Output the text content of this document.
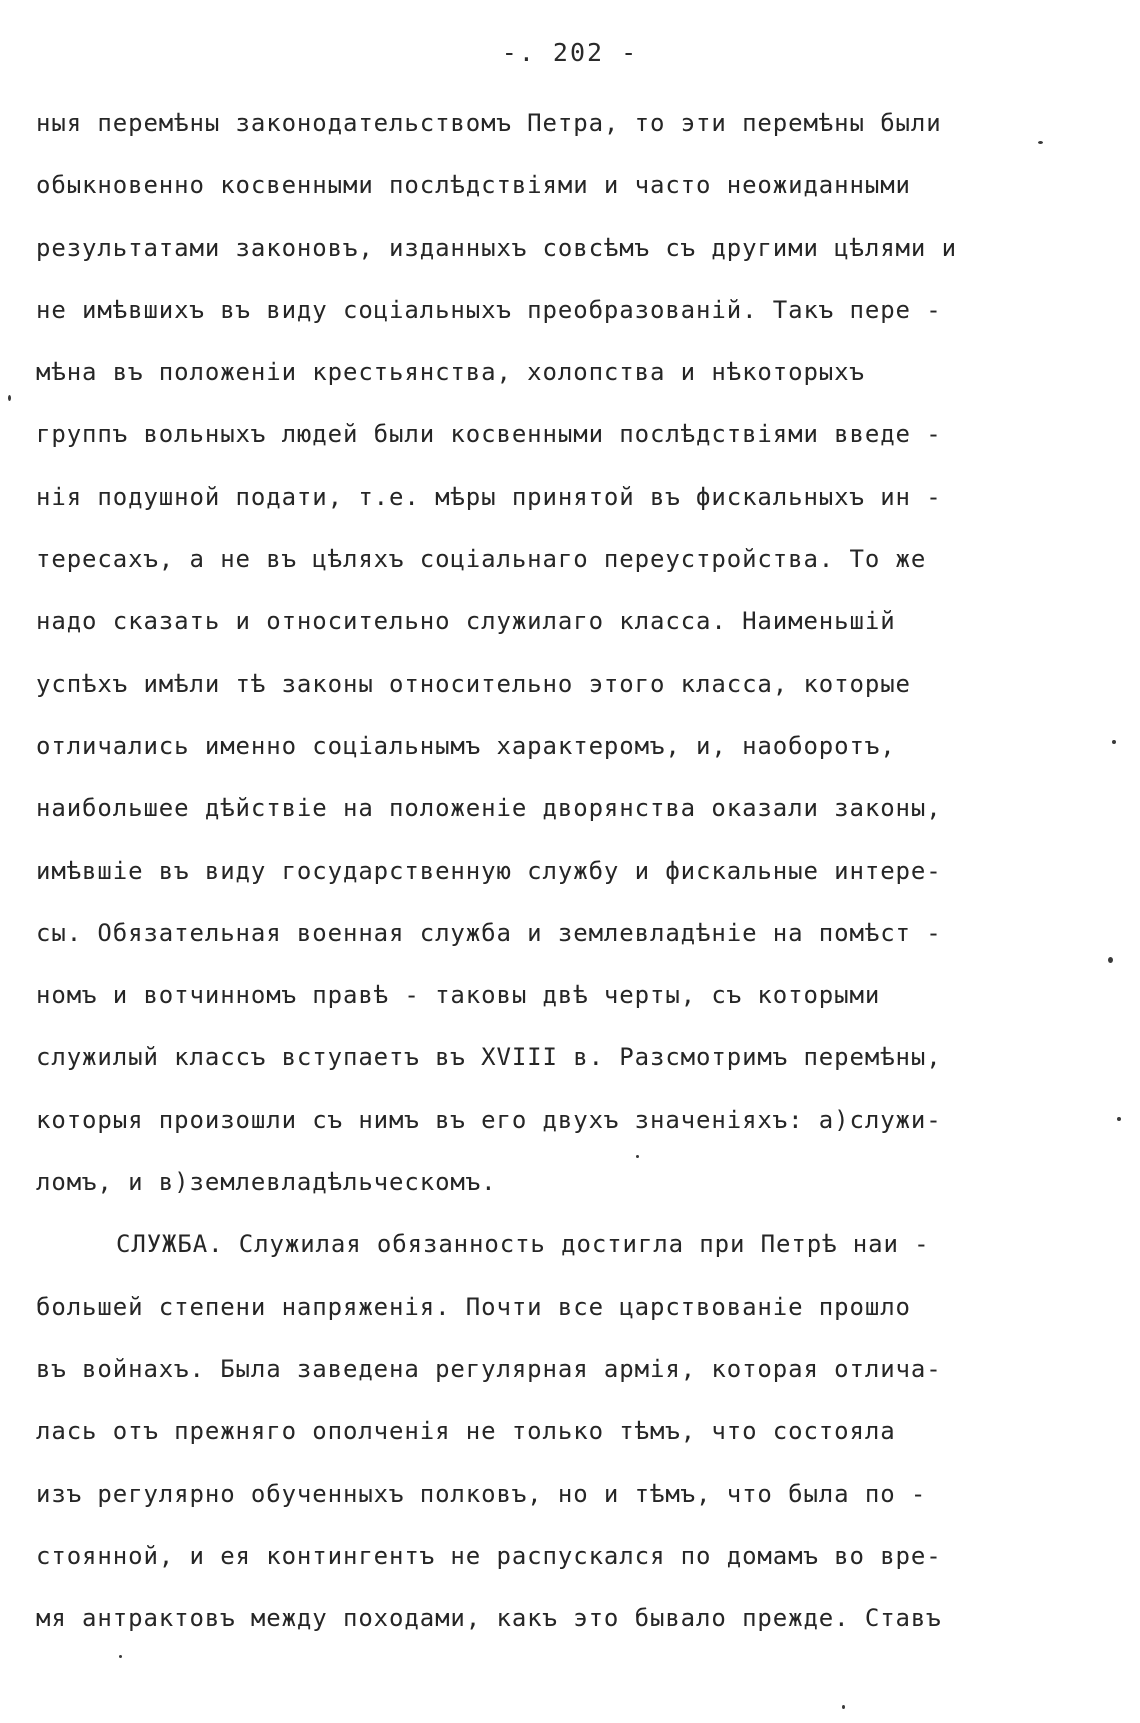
-. 202 -
ныя перемѣны законодательствомъ Петра, то эти перемѣны были
обыкновенно косвенными послѣдствіями и часто неожиданными
результатами законовъ, изданныхъ совсѣмъ съ другими цѣлями и
не имѣвшихъ въ виду соціальныхъ преобразованій. Такъ пере -
мѣна въ положеніи крестьянства, холопства и нѣкоторыхъ
группъ вольныхъ людей были косвенными послѣдствіями введе -
нія подушной подати, т.е. мѣры принятой въ фискальныхъ ин -
тересахъ, а не въ цѣляхъ соціальнаго переустройства. То же
надо сказать и относительно служилаго класса. Наименьшій
успѣхъ имѣли тѣ законы относительно этого класса, которые
отличались именно соціальнымъ характеромъ, и, наоборотъ,
наибольшее дѣйствіе на положеніе дворянства оказали законы,
имѣвшіе въ виду государственную службу и фискальные интере-
сы. Обязательная военная служба и землевладѣніе на помѣст -
номъ и вотчинномъ правѣ - таковы двѣ черты, съ которыми
служилый классъ вступаетъ въ XVIII в. Разсмотримъ перемѣны,
которыя произошли съ нимъ въ его двухъ значеніяхъ: а)служи-
ломъ, и в)землевладѣльческомъ.
СЛУЖБА. Служилая обязанность достигла при Петрѣ наи -
большей степени напряженія. Почти все царствованіе прошло
въ войнахъ. Была заведена регулярная армія, которая отлича-
лась отъ прежняго ополченія не только тѣмъ, что состояла
изъ регулярно обученныхъ полковъ, но и тѣмъ, что была по -
стоянной, и ея контингентъ не распускался по домамъ во вре-
мя антрактовъ между походами, какъ это бывало прежде. Ставъ
